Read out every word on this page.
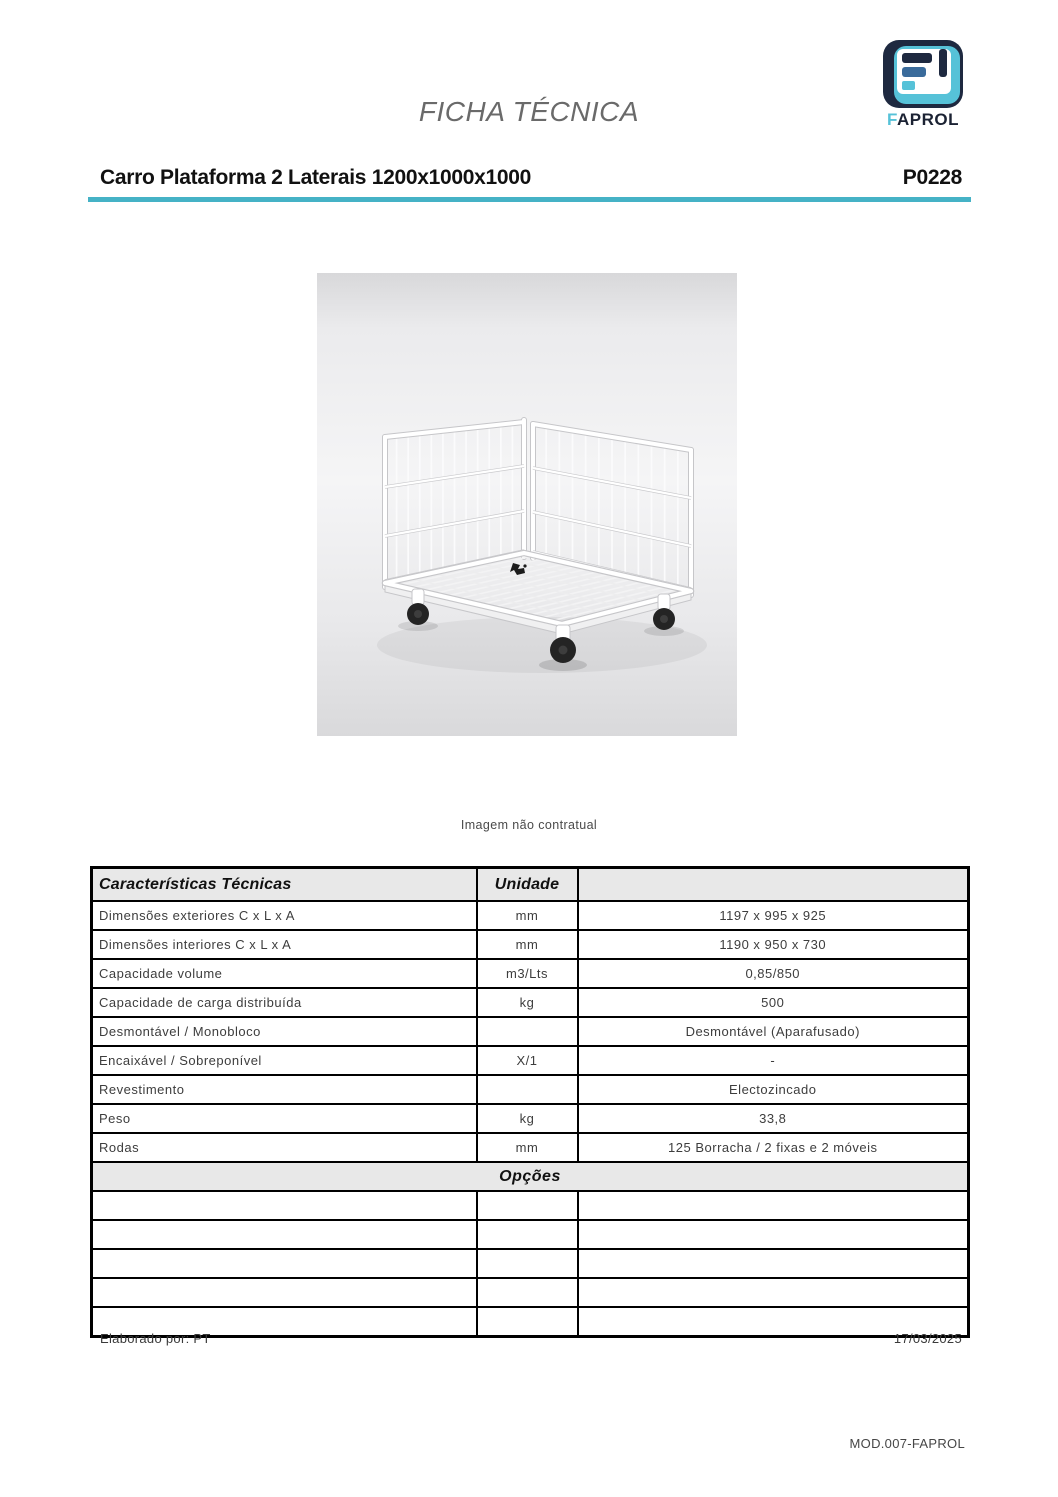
FICHA TÉCNICA	FAPROL
Carro Plataforma 2 Laterais 1200x1000x1000	P0228
Imagem não contratual
Características Técnicas	Unidade	
Dimensões exteriores C x L x A	mm	1197 x 995 x 925
Dimensões interiores C x L x A	mm	1190 x 950 x 730
Capacidade volume	m3/Lts	0,85/850
Capacidade de carga distribuída	kg	500
Desmontável / Monobloco		Desmontável (Aparafusado)
Encaixável / Sobreponível	X/1	-
Revestimento		Electozincado
Peso	kg	33,8
Rodas	mm	125 Borracha / 2 fixas e 2 móveis
Opções		

Elaborado por: PT	17/03/2025
MOD.007-FAPROL
